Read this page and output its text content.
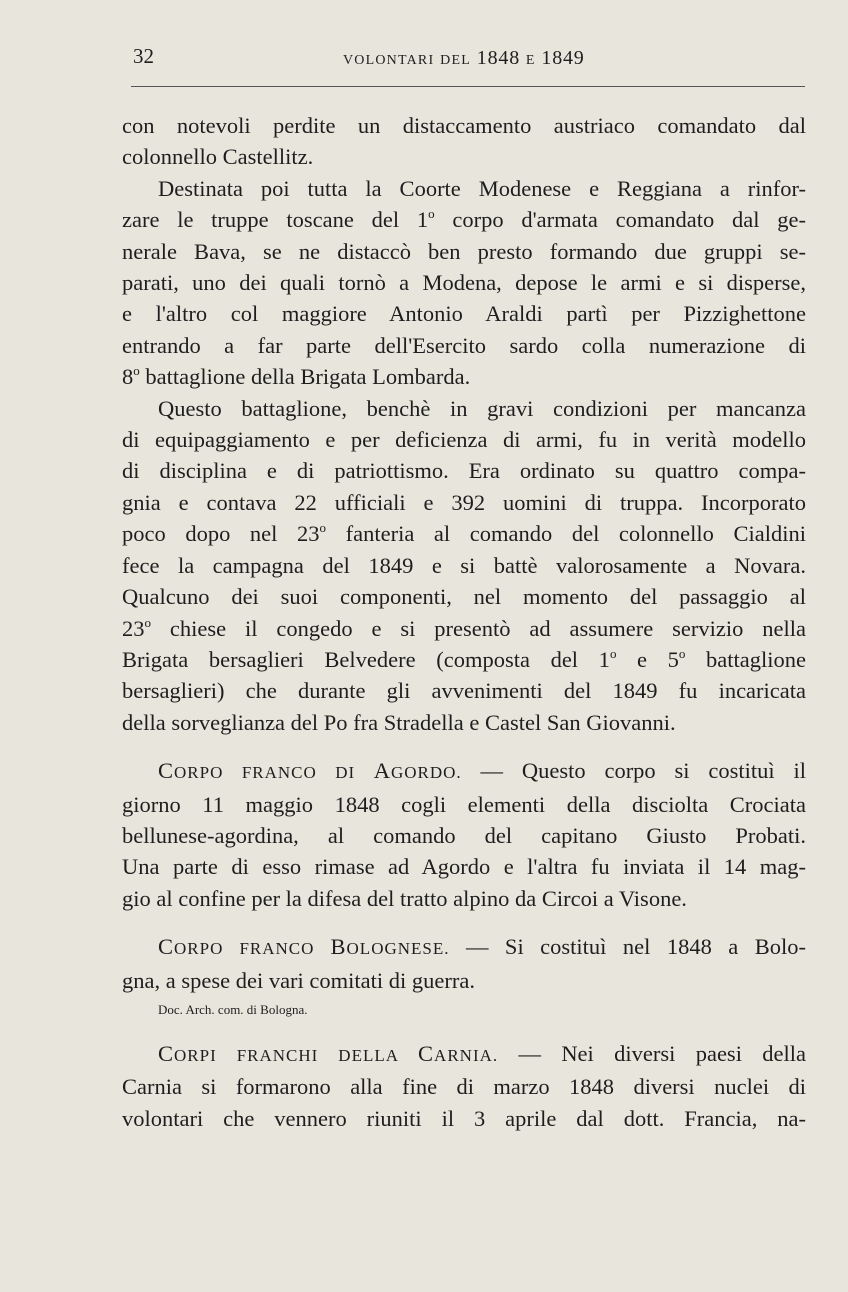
32	VOLONTARI DEL 1848 E 1849
con notevoli perdite un distaccamento austriaco comandato dal
colonnello Castellitz.
Destinata poi tutta la Coorte Modenese e Reggiana a rinfor-
zare le truppe toscane del 1$^o$ corpo d'armata comandato dal ge-
nerale Bava, se ne distaccò ben presto formando due gruppi se-
parati, uno dei quali tornò a Modena, depose le armi e si disperse,
e l'altro col maggiore Antonio Araldi partì per Pizzighettone
entrando a far parte dell'Esercito sardo colla numerazione di
8$^o$ battaglione della Brigata Lombarda.
Questo battaglione, benchè in gravi condizioni per mancanza
di equipaggiamento e per deficienza di armi, fu in verità modello
di disciplina e di patriottismo. Era ordinato su quattro compa-
gnia e contava 22 ufficiali e 392 uomini di truppa. Incorporato
poco dopo nel 23$^o$ fanteria al comando del colonnello Cialdini
fece la campagna del 1849 e si battè valorosamente a Novara.
Qualcuno dei suoi componenti, nel momento del passaggio al
23$^o$ chiese il congedo e si presentò ad assumere servizio nella
Brigata bersaglieri Belvedere (composta del 1$^o$ e 5$^o$ battaglione
bersaglieri) che durante gli avvenimenti del 1849 fu incaricata
della sorveglianza del Po fra Stradella e Castel San Giovanni.
CORPO FRANCO DI AGORDO. — Questo corpo si costituì il
giorno 11 maggio 1848 cogli elementi della disciolta Crociata
bellunese-agordina, al comando del capitano Giusto Probati.
Una parte di esso rimase ad Agordo e l'altra fu inviata il 14 mag-
gio al confine per la difesa del tratto alpino da Circoi a Visone.
CORPO FRANCO BOLOGNESE. — Si costituì nel 1848 a Bolo-
gna, a spese dei vari comitati di guerra.
Doc. Arch. com. di Bologna.
CORPI FRANCHI DELLA CARNIA. — Nei diversi paesi della
Carnia si formarono alla fine di marzo 1848 diversi nuclei di
volontari che vennero riuniti il 3 aprile dal dott. Francia, na-
